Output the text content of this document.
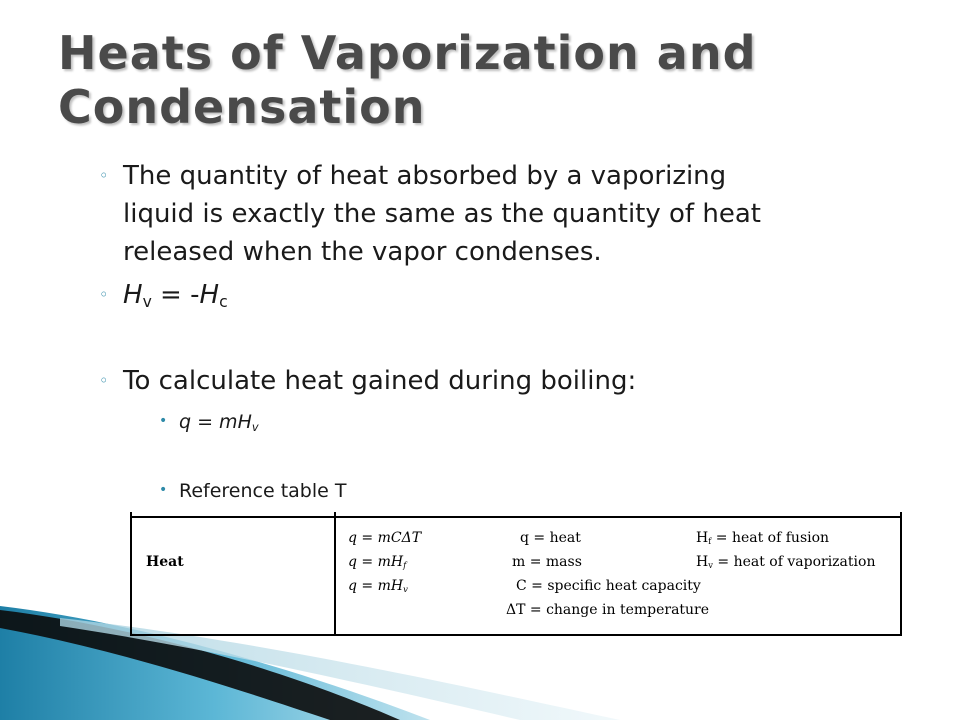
Heats of Vaporization and
Condensation
◦ The quantity of heat absorbed by a vaporizing
liquid is exactly the same as the quantity of heat
released when the vapor condenses.
◦ $H_v = -H_c$
◦ To calculate heat gained during boiling:
• $q = mH_v$
• Reference table T
Heat
q = mCΔT
$q = mH_f$
$q = mH_v$
q = heat
m = mass
C = specific heat capacity
ΔT = change in temperature
$H_f$ = heat of fusion
$H_v$ = heat of vaporization
